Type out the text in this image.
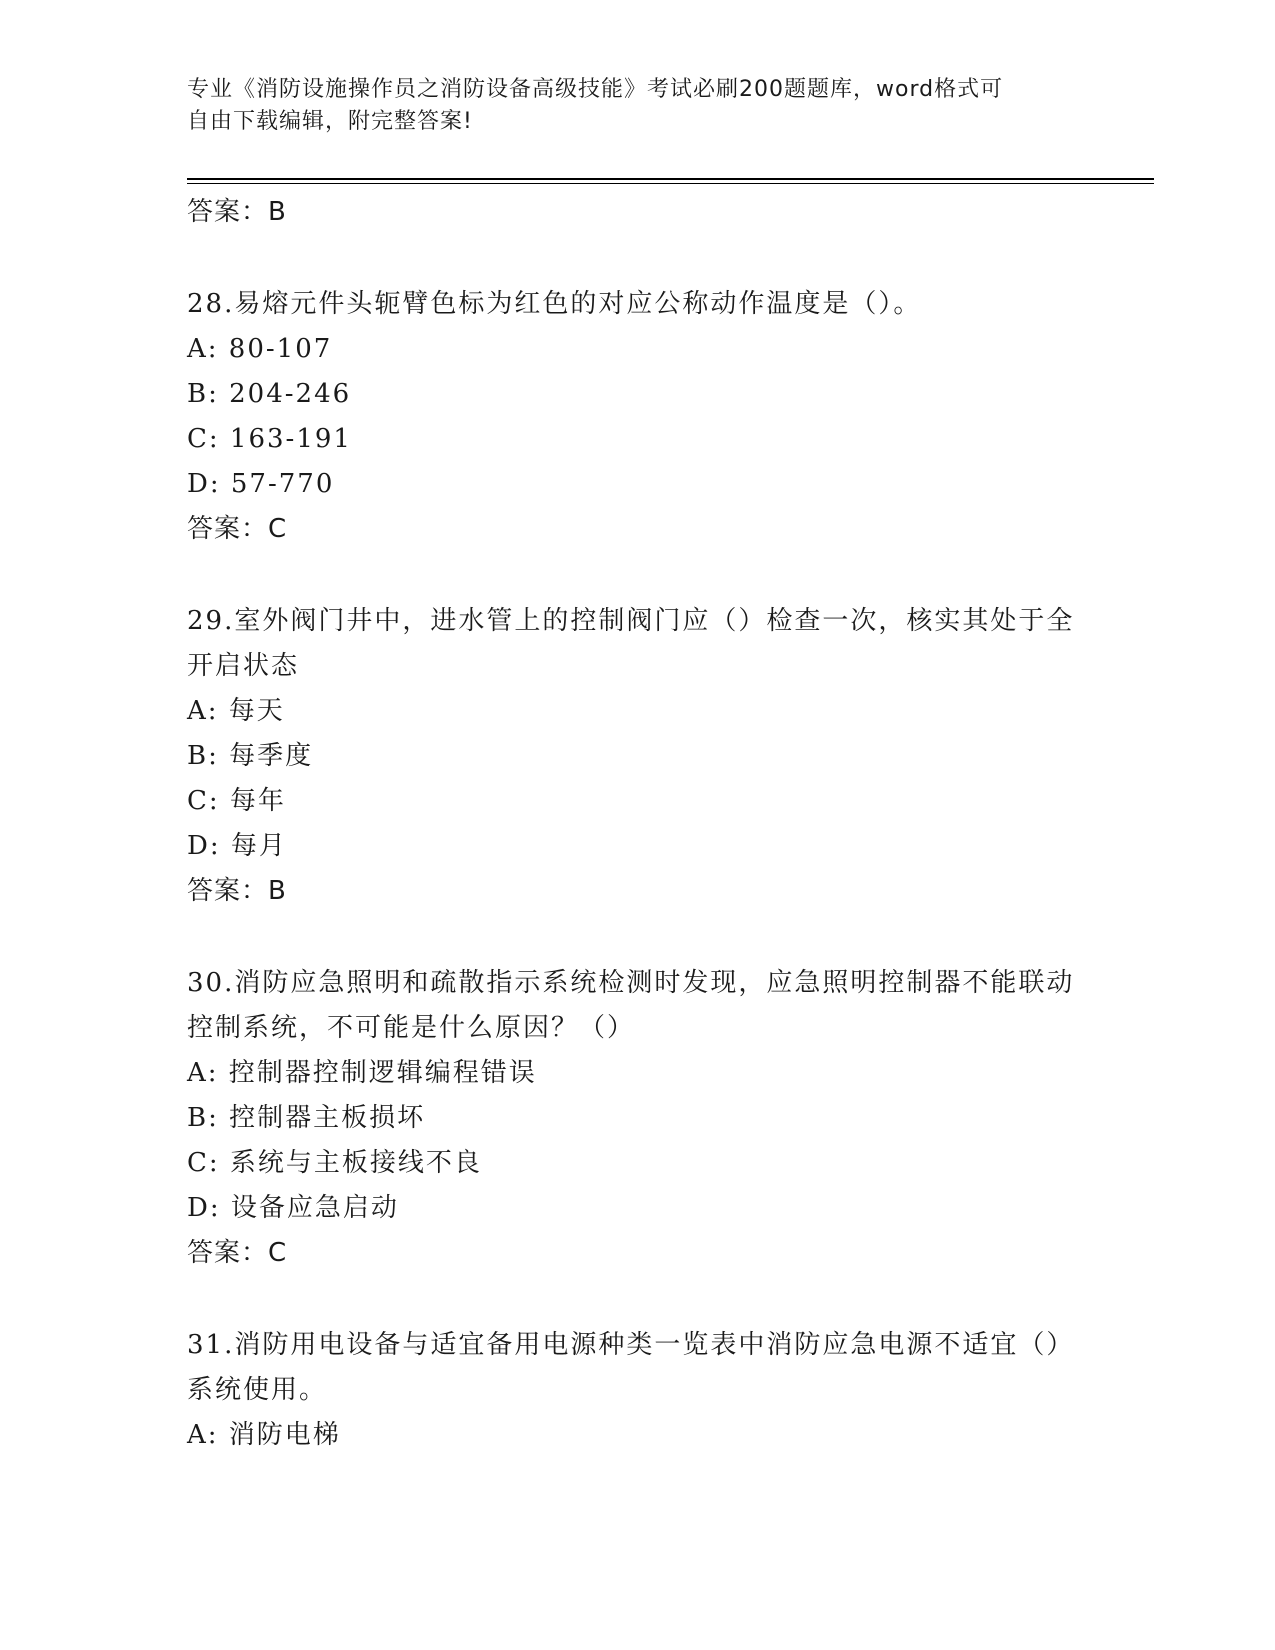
专业《消防设施操作员之消防设备高级技能》考试必刷200题题库，word格式可
自由下载编辑，附完整答案!
答案：B
28.易熔元件头轭臂色标为红色的对应公称动作温度是（）。
A: 80-107
B: 204-246
C: 163-191
D: 57-770
答案：C
29.室外阀门井中，进水管上的控制阀门应（）检查一次，核实其处于全开启状态
A: 每天
B: 每季度
C: 每年
D: 每月
答案：B
30.消防应急照明和疏散指示系统检测时发现，应急照明控制器不能联动控制系统，不可能是什么原因？（）
A: 控制器控制逻辑编程错误
B: 控制器主板损坏
C: 系统与主板接线不良
D: 设备应急启动
答案：C
31.消防用电设备与适宜备用电源种类一览表中消防应急电源不适宜（）系统使用。
A: 消防电梯
